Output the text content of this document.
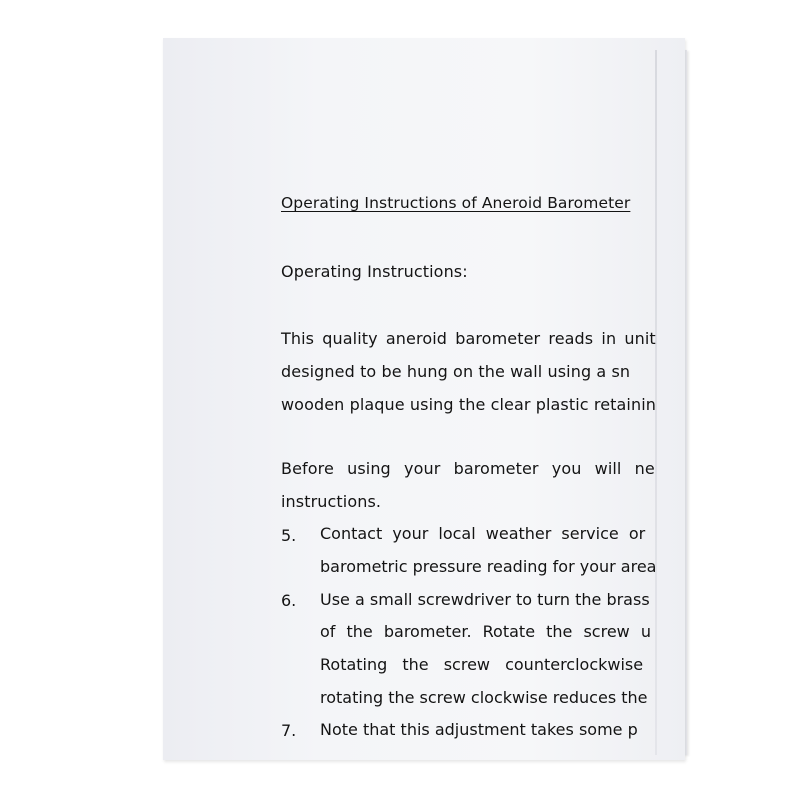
Operating Instructions of Aneroid Barometer
Operating Instructions:
This quality aneroid barometer reads in unit
designed to be hung on the wall using a sn
wooden plaque using the clear plastic retainin
Before using your barometer you will ne
instructions.
5. Contact your local weather service or
barometric pressure reading for your area
6. Use a small screwdriver to turn the brass
of the barometer. Rotate the screw u
Rotating the screw counterclockwise
rotating the screw clockwise reduces the
7. Note that this adjustment takes some p
